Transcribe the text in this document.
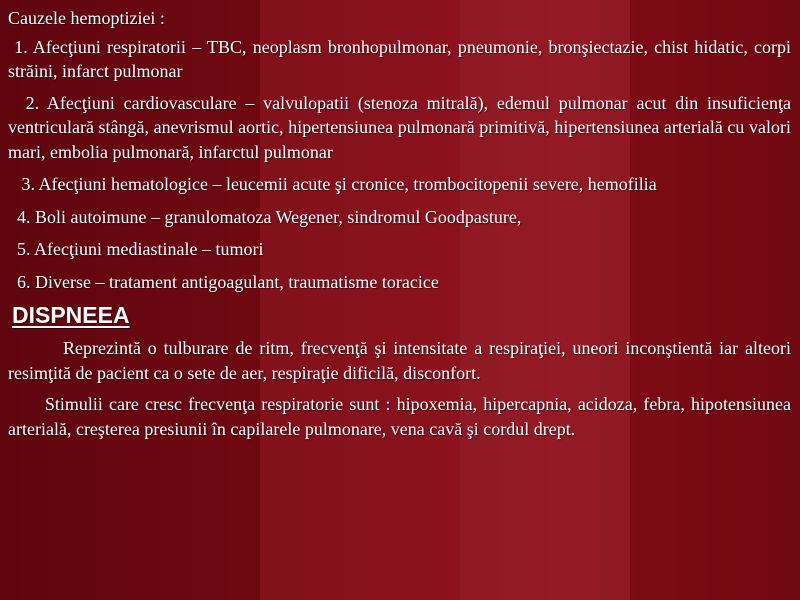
Cauzele hemoptiziei :

1. Afecţiuni respiratorii – TBC, neoplasm bronhopulmonar, pneumonie, bronşiectazie, chist hidatic, corpi străini, infarct pulmonar

2. Afecţiuni cardiovasculare – valvulopatii (stenoza mitrală), edemul pulmonar acut din insuficienţa ventriculară stângă, anevrismul aortic, hipertensiunea pulmonară primitivă, hipertensiunea arterială cu valori mari, embolia pulmonară, infarctul pulmonar

3. Afecţiuni hematologice – leucemii acute şi cronice, trombocitopenii severe, hemofilia

4. Boli autoimune – granulomatoza Wegener, sindromul Goodpasture,

5. Afecţiuni mediastinale – tumori

6. Diverse – tratament antigoagulant, traumatisme toracice

DISPNEEA

Reprezintă o tulburare de ritm, frecvenţă şi intensitate a respiraţiei, uneori inconştientă iar alteori resimţită de pacient ca o sete de aer, respiraţie dificilă, disconfort.

Stimulii care cresc frecvenţa respiratorie sunt : hipoxemia, hipercapnia, acidoza, febra, hipotensiunea arterială, creşterea presiunii în capilarele pulmonare, vena cavă şi cordul drept.
